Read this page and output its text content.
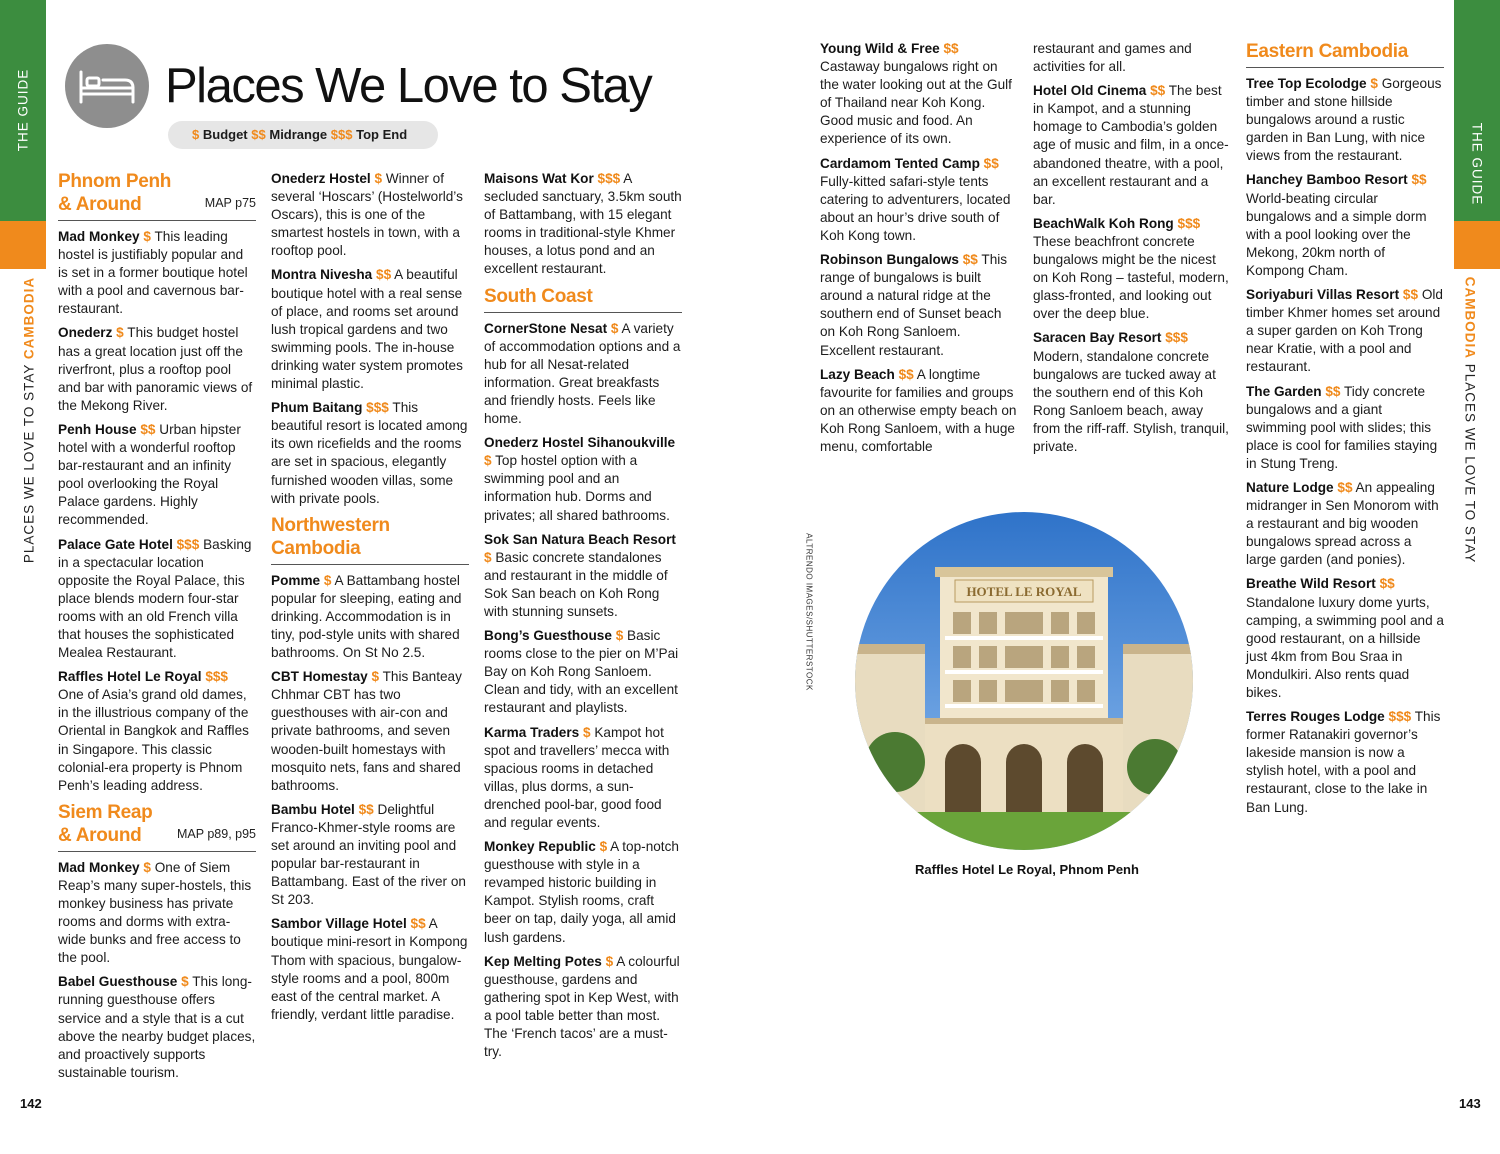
THE GUIDE
THE GUIDE
PLACES WE LOVE TO STAY CAMBODIA	CAMBODIA PLACES WE LOVE TO STAY
Places We Love to Stay
$ Budget $$ Midrange $$$ Top End
Phnom Penh
& Around	MAP p75

Mad Monkey $ This leading hostel is justifiably popular and is set in a former boutique hotel with a pool and cavernous bar-restaurant.

Onederz $ This budget hostel has a great location just off the riverfront, plus a rooftop pool and bar with panoramic views of the Mekong River.

Penh House $$ Urban hipster hotel with a wonderful rooftop bar-restaurant and an infinity pool overlooking the Royal Palace gardens. Highly recommended.

Palace Gate Hotel $$$ Basking in a spectacular location opposite the Royal Palace, this place blends modern four-star rooms with an old French villa that houses the sophisticated Mealea Restaurant.

Raffles Hotel Le Royal $$$ One of Asia’s grand old dames, in the illustrious company of the Oriental in Bangkok and Raffles in Singapore. This classic colonial-era property is Phnom Penh’s leading address.

Siem Reap
& Around	MAP p89, p95

Mad Monkey $ One of Siem Reap’s many super-hostels, this monkey business has private rooms and dorms with extra-wide bunks and free access to the pool.

Babel Guesthouse $ This long-running guesthouse offers service and a style that is a cut above the nearby budget places, and proactively supports sustainable tourism.

Onederz Hostel $ Winner of several ‘Hoscars’ (Hostelworld’s Oscars), this is one of the smartest hostels in town, with a rooftop pool.

Montra Nivesha $$ A beautiful boutique hotel with a real sense of place, and rooms set around lush tropical gardens and two swimming pools. The in-house drinking water system promotes minimal plastic.

Phum Baitang $$$ This beautiful resort is located among its own ricefields and the rooms are set in spacious, elegantly furnished wooden villas, some with private pools.

Northwestern
Cambodia

Pomme $ A Battambang hostel popular for sleeping, eating and drinking. Accommodation is in tiny, pod-style units with shared bathrooms. On St No 2.5.

CBT Homestay $ This Banteay Chhmar CBT has two guesthouses with air-con and private bathrooms, and seven wooden-built homestays with mosquito nets, fans and shared bathrooms.

Bambu Hotel $$ Delightful Franco-Khmer-style rooms are set around an inviting pool and popular bar-restaurant in Battambang. East of the river on St 203.

Sambor Village Hotel $$ A boutique mini-resort in Kompong Thom with spacious, bungalow-style rooms and a pool, 800m east of the central market. A friendly, verdant little paradise.

Maisons Wat Kor $$$ A secluded sanctuary, 3.5km south of Battambang, with 15 elegant rooms in traditional-style Khmer houses, a lotus pond and an excellent restaurant.

South Coast

CornerStone Nesat $ A variety of accommodation options and a hub for all Nesat-related information. Great breakfasts and friendly hosts. Feels like home.

Onederz Hostel Sihanoukville $ Top hostel option with a swimming pool and an information hub. Dorms and privates; all shared bathrooms.

Sok San Natura Beach Resort $ Basic concrete standalones and restaurant in the middle of Sok San beach on Koh Rong with stunning sunsets.

Bong’s Guesthouse $ Basic rooms close to the pier on M’Pai Bay on Koh Rong Sanloem. Clean and tidy, with an excellent restaurant and playlists.

Karma Traders $ Kampot hot spot and travellers’ mecca with spacious rooms in detached villas, plus dorms, a sun-drenched pool-bar, good food and regular events.

Monkey Republic $ A top-notch guesthouse with style in a revamped historic building in Kampot. Stylish rooms, craft beer on tap, daily yoga, all amid lush gardens.

Kep Melting Potes $ A colourful guesthouse, gardens and gathering spot in Kep West, with a pool table better than most. The ‘French tacos’ are a must-try.

Young Wild & Free $$ Castaway bungalows right on the water looking out at the Gulf of Thailand near Koh Kong. Good music and food. An experience of its own.

Cardamom Tented Camp $$ Fully-kitted safari-style tents catering to adventurers, located about an hour’s drive south of Koh Kong town.

Robinson Bungalows $$ This range of bungalows is built around a natural ridge at the southern end of Sunset beach on Koh Rong Sanloem. Excellent restaurant.

Lazy Beach $$ A longtime favourite for families and groups on an otherwise empty beach on Koh Rong Sanloem, with a huge menu, comfortable

restaurant and games and activities for all.

Hotel Old Cinema $$ The best in Kampot, and a stunning homage to Cambodia’s golden age of music and film, in a once-abandoned theatre, with a pool, an excellent restaurant and a bar.

BeachWalk Koh Rong $$$ These beachfront concrete bungalows might be the nicest on Koh Rong – tasteful, modern, glass-fronted, and looking out over the deep blue.

Saracen Bay Resort $$$ Modern, standalone concrete bungalows are tucked away at the southern end of this Koh Rong Sanloem beach, away from the riff-raff. Stylish, tranquil, private.

Eastern Cambodia

Tree Top Ecolodge $ Gorgeous timber and stone hillside bungalows around a rustic garden in Ban Lung, with nice views from the restaurant.

Hanchey Bamboo Resort $$ World-beating circular bungalows and a simple dorm with a pool looking over the Mekong, 20km north of Kompong Cham.

Soriyaburi Villas Resort $$ Old timber Khmer homes set around a super garden on Koh Trong near Kratie, with a pool and restaurant.

The Garden $$ Tidy concrete bungalows and a giant swimming pool with slides; this place is cool for families staying in Stung Treng.

Nature Lodge $$ An appealing midranger in Sen Monorom with a restaurant and big wooden bungalows spread across a large garden (and ponies).

Breathe Wild Resort $$ Standalone luxury dome yurts, camping, a swimming pool and a good restaurant, on a hillside just 4km from Bou Sraa in Mondulkiri. Also rents quad bikes.

Terres Rouges Lodge $$$ This former Ratanakiri governor’s lakeside mansion is now a stylish hotel, with a pool and restaurant, close to the lake in Ban Lung.

HOTEL LE ROYAL
ALTRENDO IMAGES/SHUTTERSTOCK
Raffles Hotel Le Royal, Phnom Penh
142	143
